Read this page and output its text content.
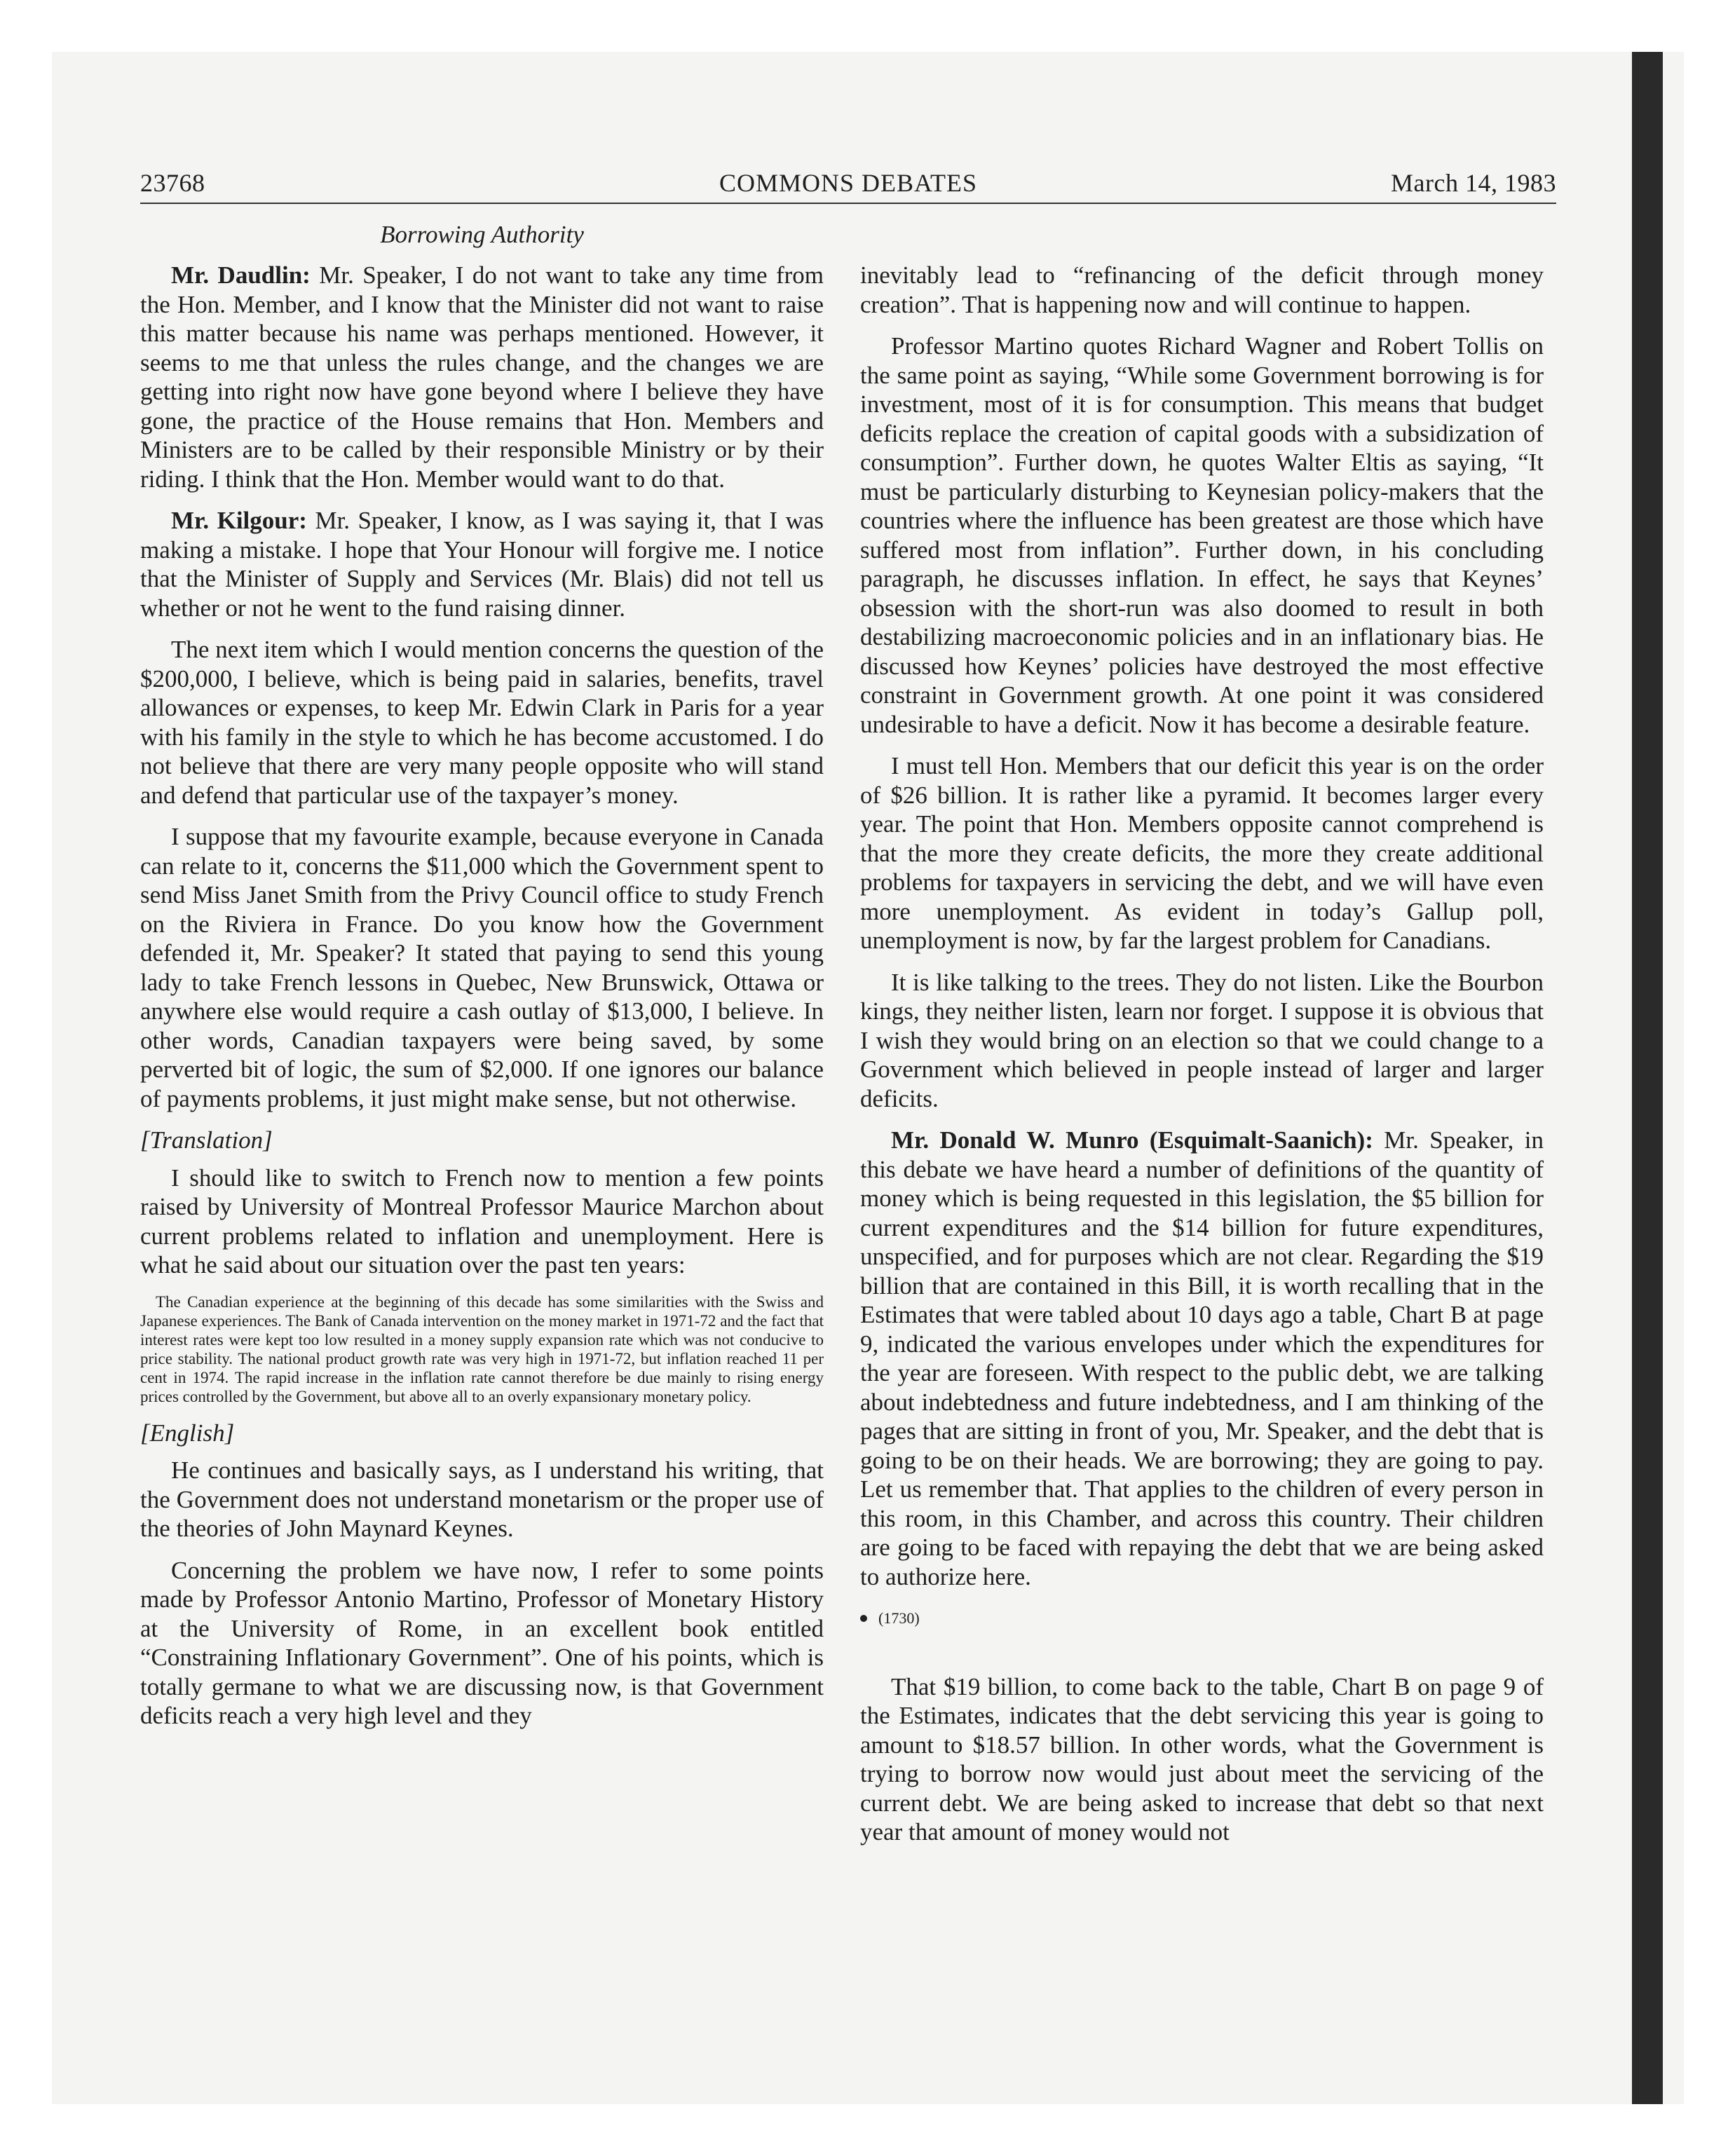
23768	COMMONS DEBATES	March 14, 1983
Borrowing Authority

Mr. Daudlin: Mr. Speaker, I do not want to take any time from the Hon. Member, and I know that the Minister did not want to raise this matter because his name was perhaps mentioned. However, it seems to me that unless the rules change, and the changes we are getting into right now have gone beyond where I believe they have gone, the practice of the House remains that Hon. Members and Ministers are to be called by their responsible Ministry or by their riding. I think that the Hon. Member would want to do that.

Mr. Kilgour: Mr. Speaker, I know, as I was saying it, that I was making a mistake. I hope that Your Honour will forgive me. I notice that the Minister of Supply and Services (Mr. Blais) did not tell us whether or not he went to the fund raising dinner.

The next item which I would mention concerns the question of the $200,000, I believe, which is being paid in salaries, benefits, travel allowances or expenses, to keep Mr. Edwin Clark in Paris for a year with his family in the style to which he has become accustomed. I do not believe that there are very many people opposite who will stand and defend that particular use of the taxpayer’s money.

I suppose that my favourite example, because everyone in Canada can relate to it, concerns the $11,000 which the Government spent to send Miss Janet Smith from the Privy Council office to study French on the Riviera in France. Do you know how the Government defended it, Mr. Speaker? It stated that paying to send this young lady to take French lessons in Quebec, New Brunswick, Ottawa or anywhere else would require a cash outlay of $13,000, I believe. In other words, Canadian taxpayers were being saved, by some perverted bit of logic, the sum of $2,000. If one ignores our balance of payments problems, it just might make sense, but not otherwise.

[Translation]

I should like to switch to French now to mention a few points raised by University of Montreal Professor Maurice Marchon about current problems related to inflation and unemployment. Here is what he said about our situation over the past ten years:

The Canadian experience at the beginning of this decade has some similarities with the Swiss and Japanese experiences. The Bank of Canada intervention on the money market in 1971-72 and the fact that interest rates were kept too low resulted in a money supply expansion rate which was not conducive to price stability. The national product growth rate was very high in 1971-72, but inflation reached 11 per cent in 1974. The rapid increase in the inflation rate cannot therefore be due mainly to rising energy prices controlled by the Government, but above all to an overly expansionary monetary policy.
[English]

He continues and basically says, as I understand his writing, that the Government does not understand monetarism or the proper use of the theories of John Maynard Keynes.

Concerning the problem we have now, I refer to some points made by Professor Antonio Martino, Professor of Monetary History at the University of Rome, in an excellent book entitled “Constraining Inflationary Government”. One of his points, which is totally germane to what we are discussing now, is that Government deficits reach a very high level and they

inevitably lead to “refinancing of the deficit through money creation”. That is happening now and will continue to happen.

Professor Martino quotes Richard Wagner and Robert Tollis on the same point as saying, “While some Government borrowing is for investment, most of it is for consumption. This means that budget deficits replace the creation of capital goods with a subsidization of consumption”. Further down, he quotes Walter Eltis as saying, “It must be particularly disturbing to Keynesian policy-makers that the countries where the influence has been greatest are those which have suffered most from inflation”. Further down, in his concluding paragraph, he discusses inflation. In effect, he says that Keynes’ obsession with the short-run was also doomed to result in both destabilizing macroeconomic policies and in an inflationary bias. He discussed how Keynes’ policies have destroyed the most effective constraint in Government growth. At one point it was considered undesirable to have a deficit. Now it has become a desirable feature.

I must tell Hon. Members that our deficit this year is on the order of $26 billion. It is rather like a pyramid. It becomes larger every year. The point that Hon. Members opposite cannot comprehend is that the more they create deficits, the more they create additional problems for taxpayers in servicing the debt, and we will have even more unemployment. As evident in today’s Gallup poll, unemployment is now, by far the largest problem for Canadians.

It is like talking to the trees. They do not listen. Like the Bourbon kings, they neither listen, learn nor forget. I suppose it is obvious that I wish they would bring on an election so that we could change to a Government which believed in people instead of larger and larger deficits.

Mr. Donald W. Munro (Esquimalt-Saanich): Mr. Speaker, in this debate we have heard a number of definitions of the quantity of money which is being requested in this legislation, the $5 billion for current expenditures and the $14 billion for future expenditures, unspecified, and for purposes which are not clear. Regarding the $19 billion that are contained in this Bill, it is worth recalling that in the Estimates that were tabled about 10 days ago a table, Chart B at page 9, indicated the various envelopes under which the expenditures for the year are foreseen. With respect to the public debt, we are talking about indebtedness and future indebtedness, and I am thinking of the pages that are sitting in front of you, Mr. Speaker, and the debt that is going to be on their heads. We are borrowing; they are going to pay. Let us remember that. That applies to the children of every person in this room, in this Chamber, and across this country. Their children are going to be faced with repaying the debt that we are being asked to authorize here.

(1730)

That $19 billion, to come back to the table, Chart B on page 9 of the Estimates, indicates that the debt servicing this year is going to amount to $18.57 billion. In other words, what the Government is trying to borrow now would just about meet the servicing of the current debt. We are being asked to increase that debt so that next year that amount of money would not
